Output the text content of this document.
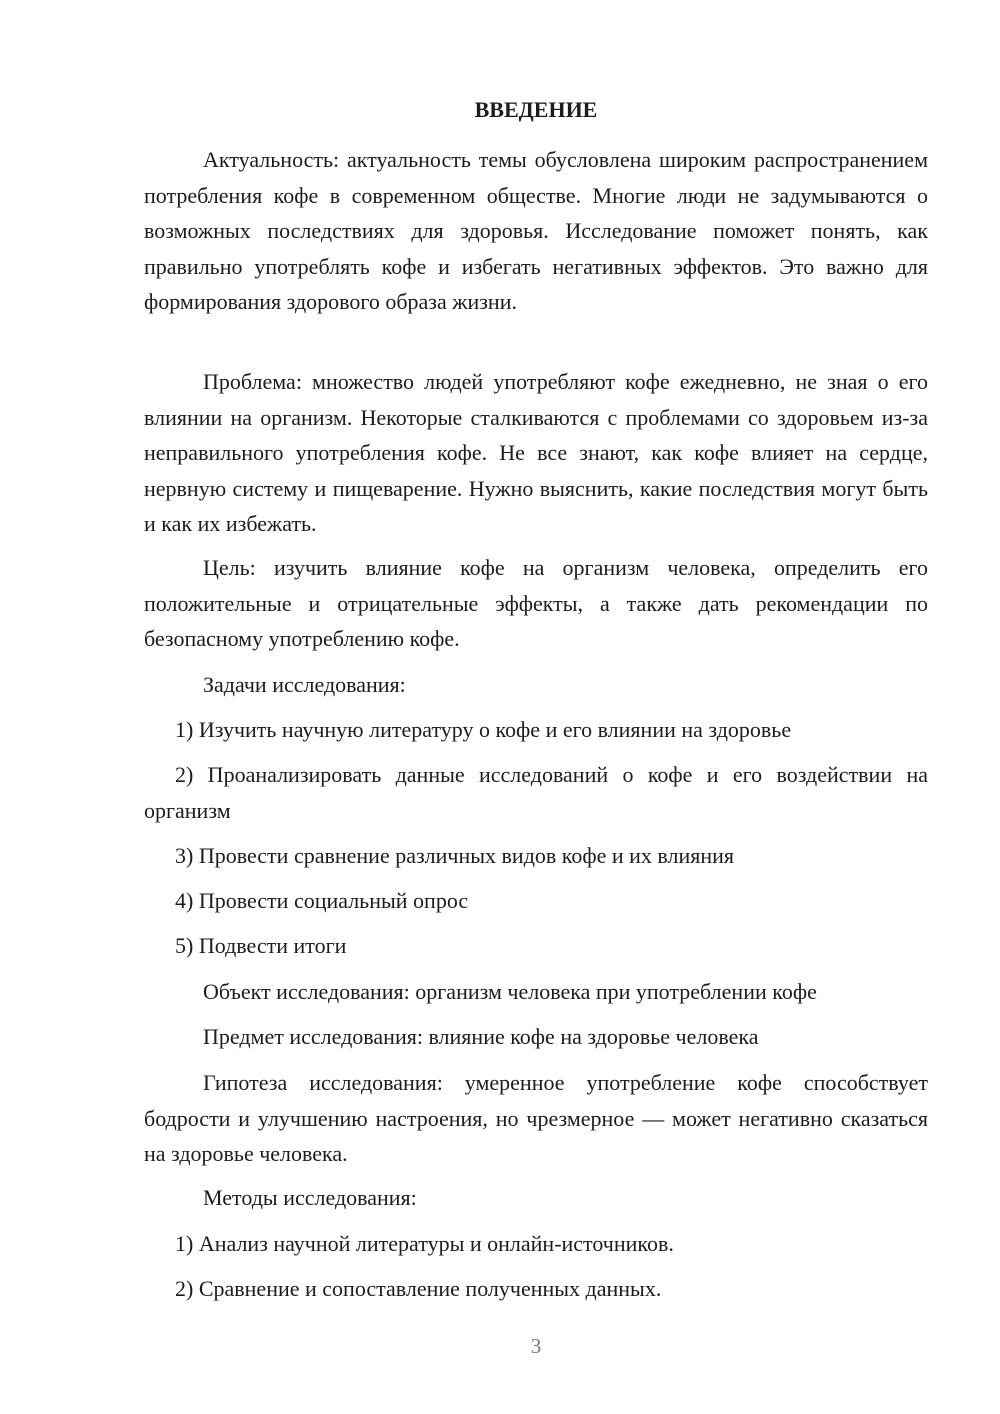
ВВЕДЕНИЕ

Актуальность: актуальность темы обусловлена широким распространением потребления кофе в современном обществе. Многие люди не задумываются о возможных последствиях для здоровья. Исследование поможет понять, как правильно употреблять кофе и избегать негативных эффектов. Это важно для формирования здорового образа жизни.

Проблема: множество людей употребляют кофе ежедневно, не зная о его влиянии на организм. Некоторые сталкиваются с проблемами со здоровьем из-за неправильного употребления кофе. Не все знают, как кофе влияет на сердце, нервную систему и пищеварение. Нужно выяснить, какие последствия могут быть и как их избежать.

Цель: изучить влияние кофе на организм человека, определить его положительные и отрицательные эффекты, а также дать рекомендации по безопасному употреблению кофе.

Задачи исследования:

1) Изучить научную литературу о кофе и его влиянии на здоровье

2) Проанализировать данные исследований о кофе и его воздействии на организм

3) Провести сравнение различных видов кофе и их влияния

4) Провести социальный опрос

5) Подвести итоги

Объект исследования: организм человека при употреблении кофе

Предмет исследования: влияние кофе на здоровье человека

Гипотеза исследования: умеренное употребление кофе способствует бодрости и улучшению настроения, но чрезмерное — может негативно сказаться на здоровье человека.

Методы исследования:

1) Анализ научной литературы и онлайн-источников.

2) Сравнение и сопоставление полученных данных.

3
